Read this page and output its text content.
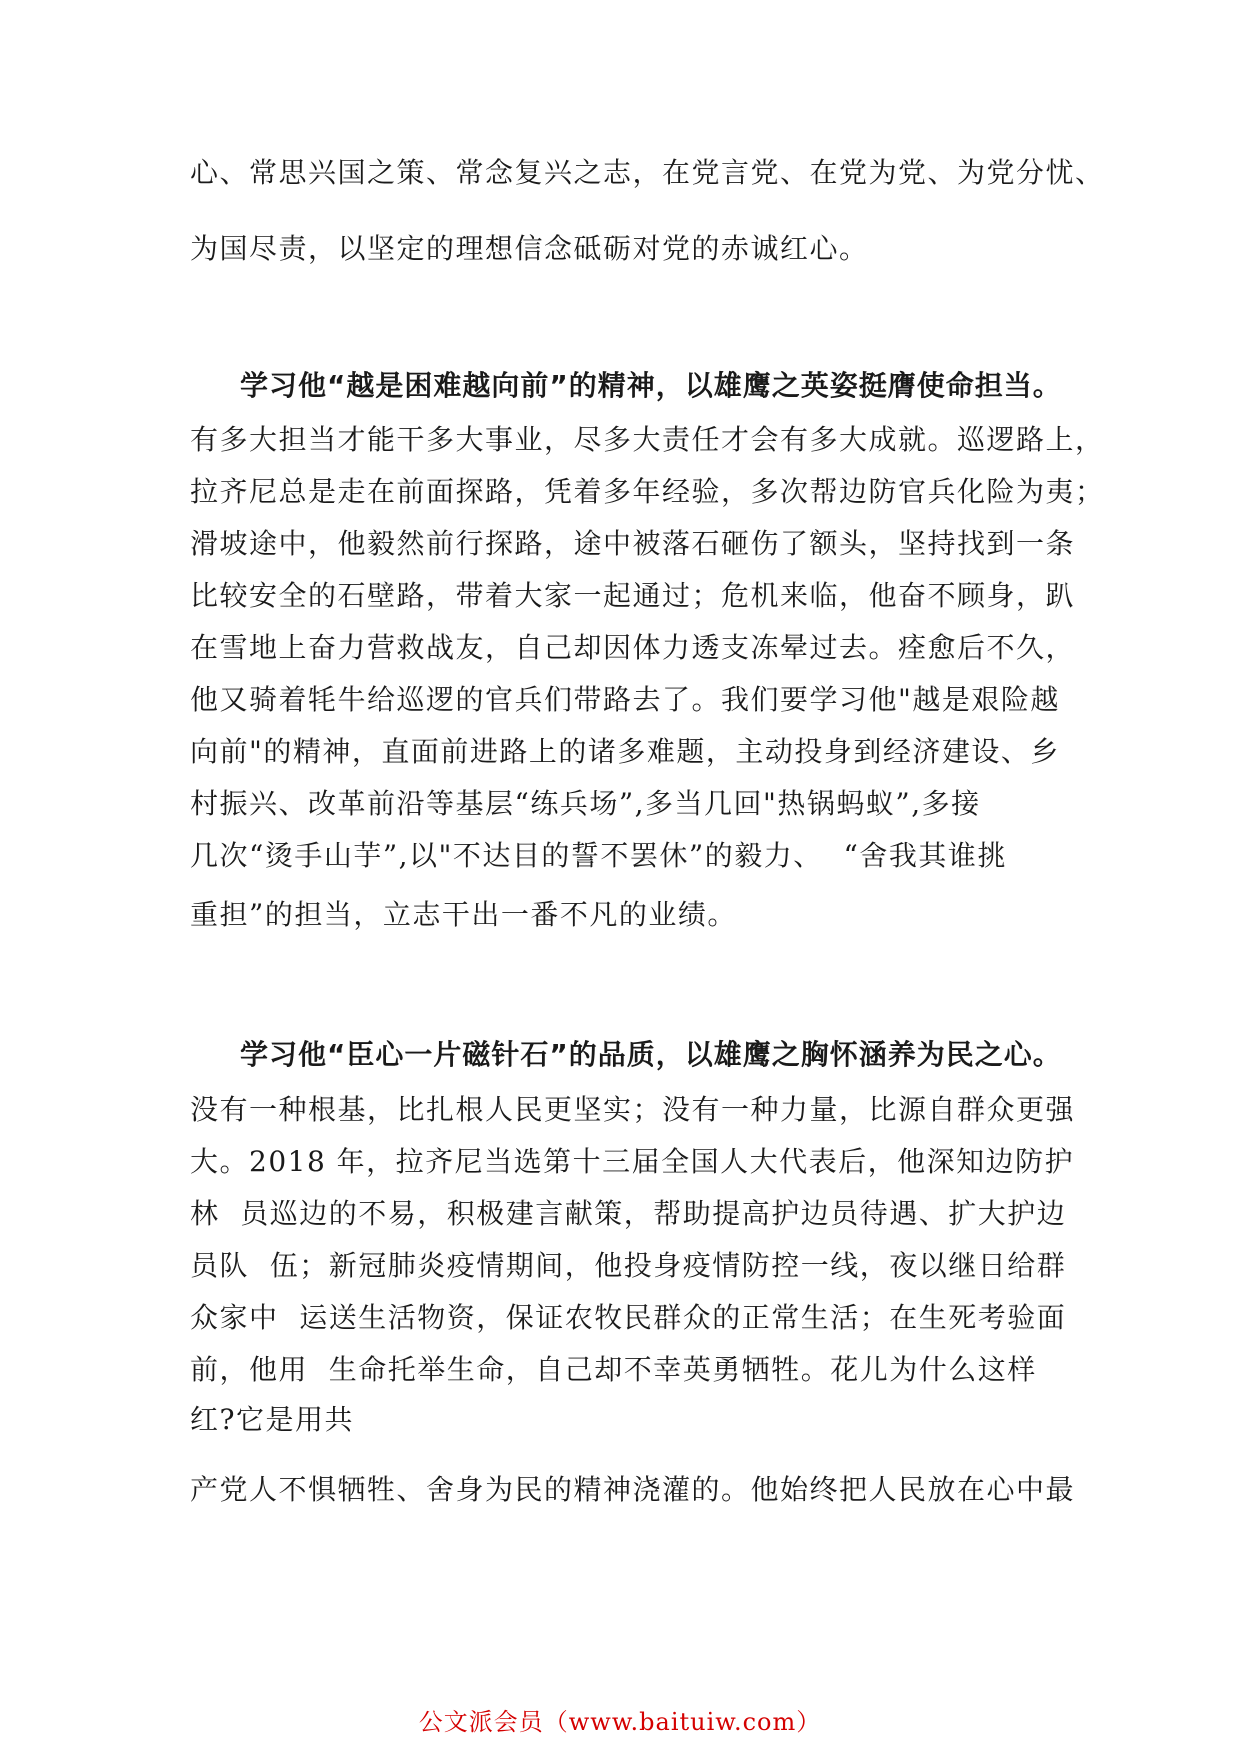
心、常思兴国之策、常念复兴之志，在党言党、在党为党、为党分忧、
为国尽责，以坚定的理想信念砥砺对党的赤诚红心。
学习他“越是困难越向前”的精神，以雄鹰之英姿挺膺使命担当。
有多大担当才能干多大事业，尽多大责任才会有多大成就。巡逻路上，
拉齐尼总是走在前面探路，凭着多年经验，多次帮边防官兵化险为夷；
滑坡途中，他毅然前行探路，途中被落石砸伤了额头，坚持找到一条
比较安全的石壁路，带着大家一起通过；危机来临，他奋不顾身，趴
在雪地上奋力营救战友，自己却因体力透支冻晕过去。痊愈后不久，
他又骑着牦牛给巡逻的官兵们带路去了。我们要学习他"越是艰险越
向前"的精神，直面前进路上的诸多难题，主动投身到经济建设、乡
村振兴、改革前沿等基层“练兵场”,多当几回"热锅蚂蚁”,多接
几次“烫手山芋”,以"不达目的誓不罢休”的毅力、  “舍我其谁挑
重担”的担当，立志干出一番不凡的业绩。
学习他“臣心一片磁针石”的品质，以雄鹰之胸怀涵养为民之心。
没有一种根基，比扎根人民更坚实；没有一种力量，比源自群众更强
大。2018 年，拉齐尼当选第十三届全国人大代表后，他深知边防护
林  员巡边的不易，积极建言献策，帮助提高护边员待遇、扩大护边
员队  伍；新冠肺炎疫情期间，他投身疫情防控一线，夜以继日给群
众家中  运送生活物资，保证农牧民群众的正常生活；在生死考验面
前，他用  生命托举生命，自己却不幸英勇牺牲。花儿为什么这样
红?它是用共
产党人不惧牺牲、舍身为民的精神浇灌的。他始终把人民放在心中最
公文派会员（www.baituiw.com）
